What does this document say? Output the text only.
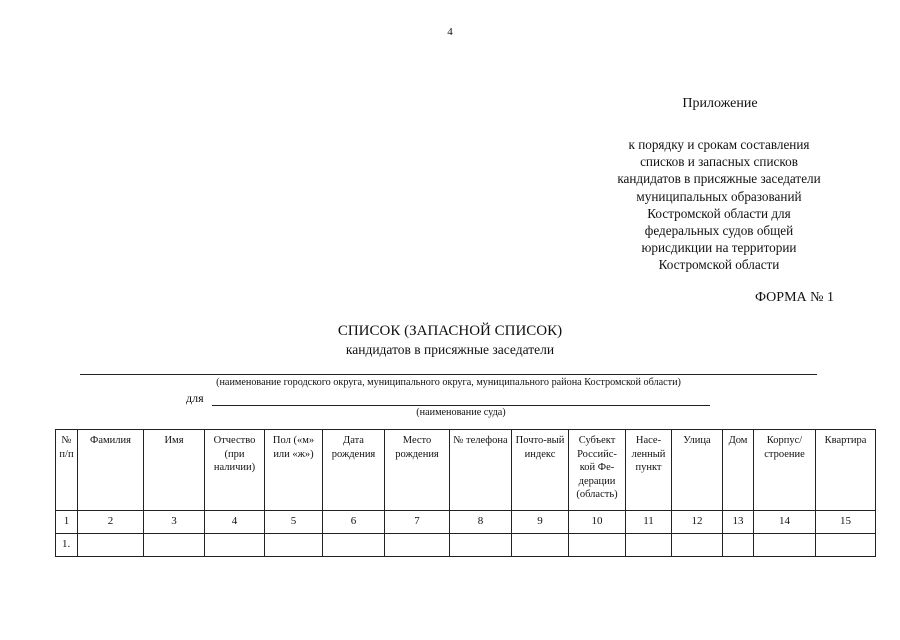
4
Приложение
к порядку и срокам составления
списков и запасных списков
кандидатов в присяжные заседатели
муниципальных образований
Костромской области для
федеральных судов общей
юрисдикции на территории
Костромской области
ФОРМА № 1
СПИСОК (ЗАПАСНОЙ СПИСОК)
кандидатов в присяжные заседатели
(наименование городского округа, муниципального округа, муниципального района Костромской области)
для
(наименование суда)
№ п/п	Фамилия	Имя	Отчество (при наличии)	Пол («м» или «ж»)	Дата рождения	Место рождения	№ телефона	Почто-вый индекс	Субъект Российс-кой Фе-дерации (область)	Насе-ленный пункт	Улица	Дом	Корпус/ строение	Квартира
1	2	3	4	5	6	7	8	9	10	11	12	13	14	15
1.														
